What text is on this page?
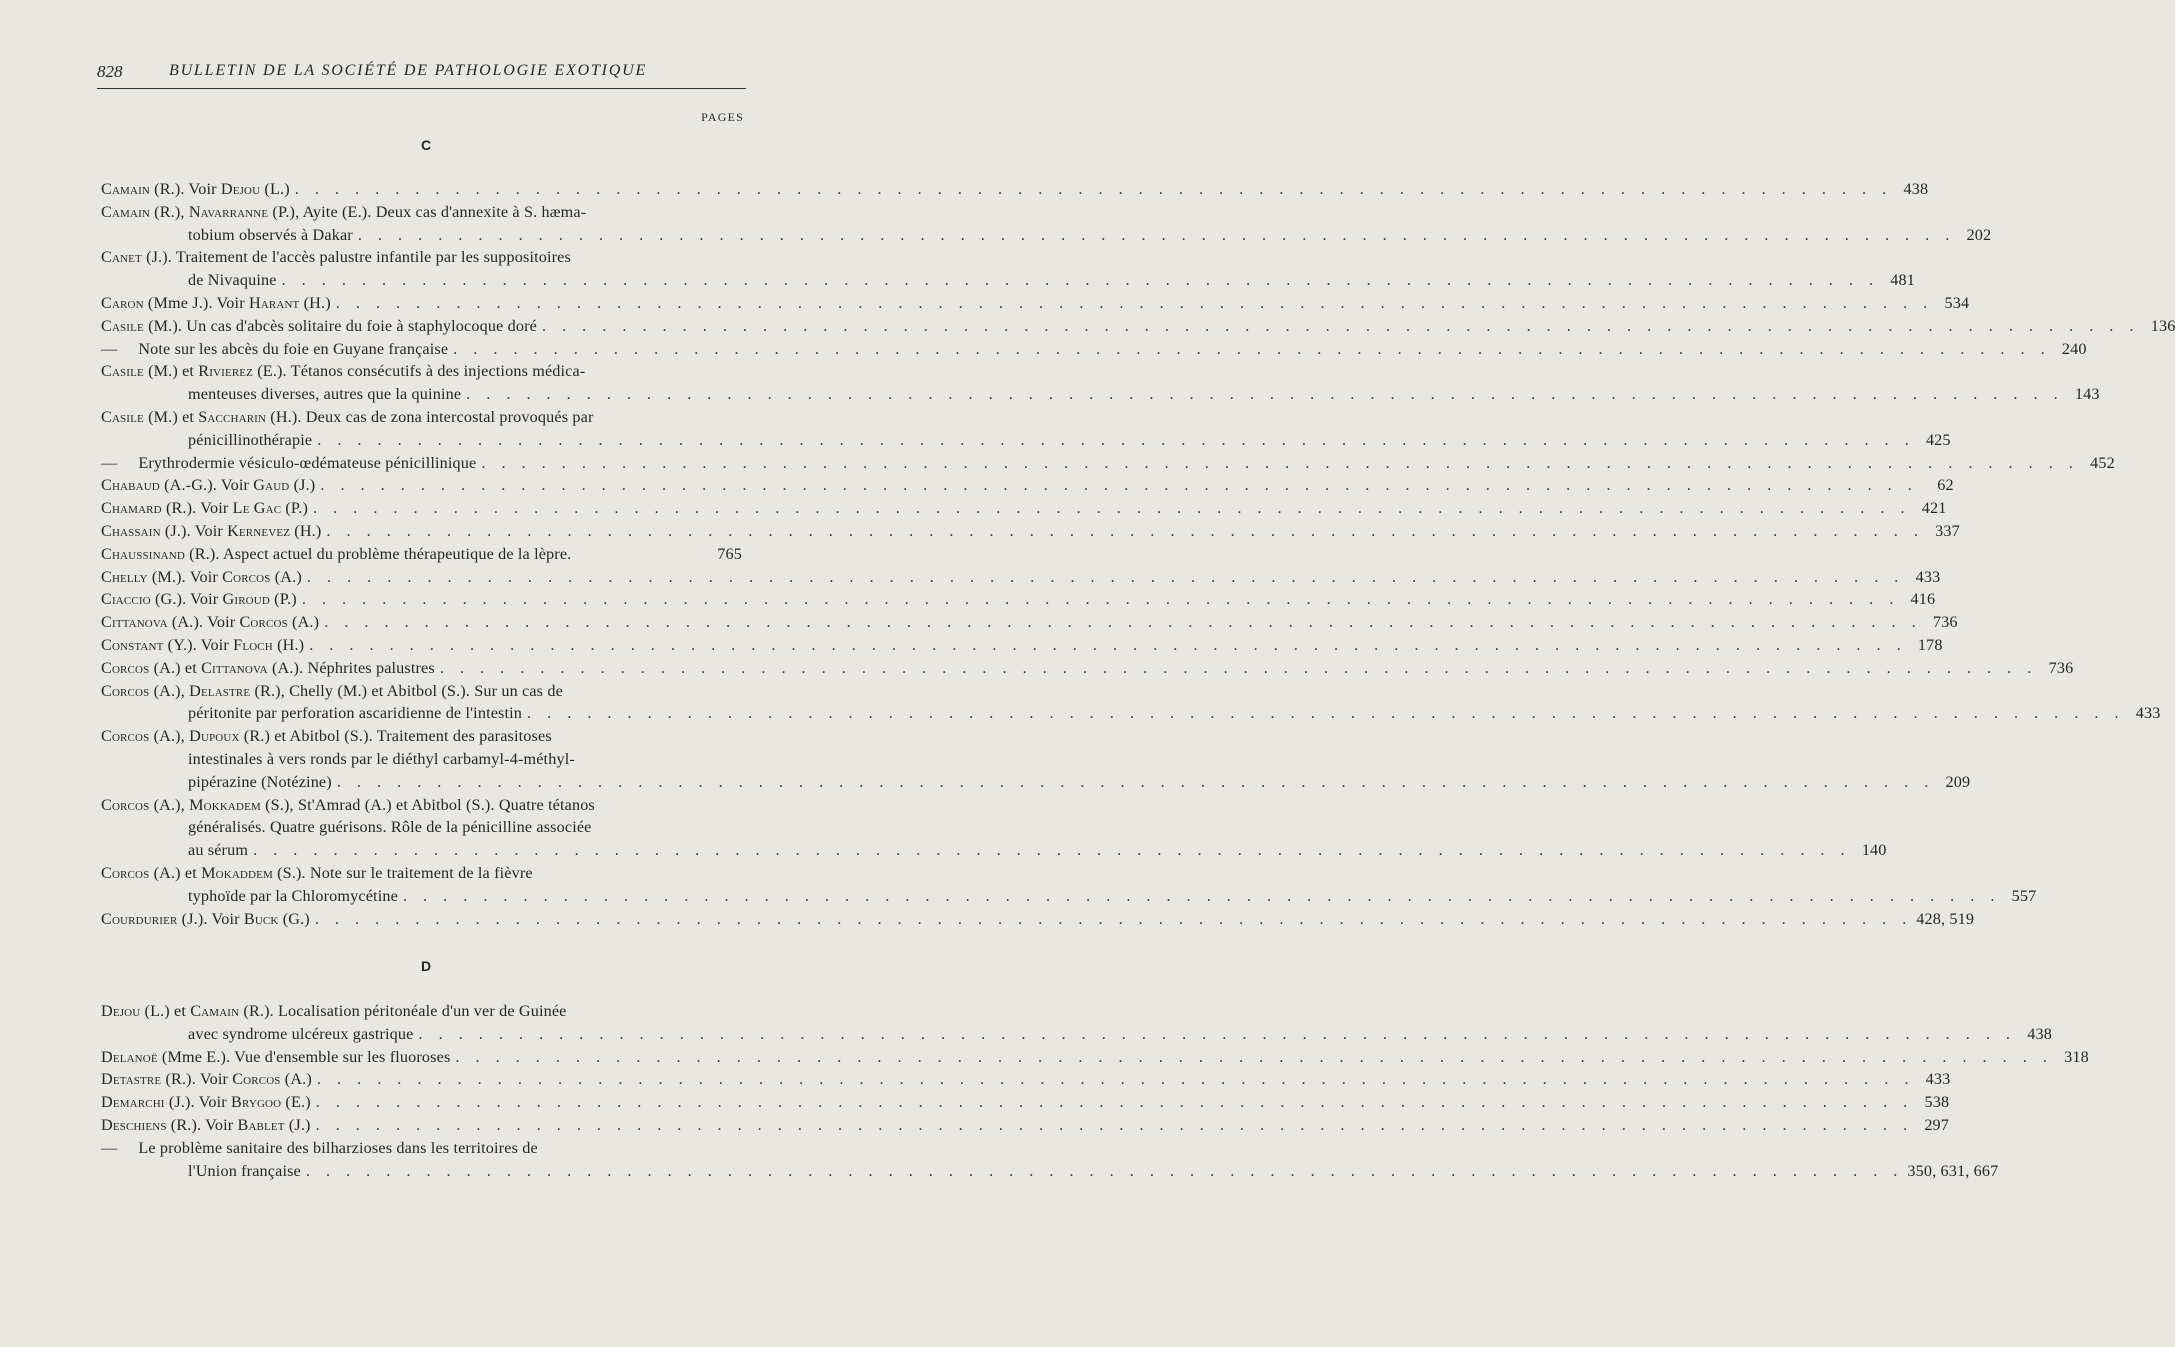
828	BULLETIN DE LA SOCIÉTÉ DE PATHOLOGIE EXOTIQUE
PAGES
C
Camain (R.). Voir Dejou (L.) . . . . . . . . . . . . . . . . . . . . . . . . . . . . . . . . . . . . . . . . . . . . . . . . . . . . . . . . . . . . . . . . . . . . . . . . . . . . . . . . 438
Camain (R.), Navarranne (P.), Ayite (E.). Deux cas d'annexite à S. hæma-
tobium observés à Dakar . . . . . . . . . . . . . . . . . . . . . . . . . . . . . . . . . . . . . . . . . . . . . . . . . . . . . . . . . . . . . . . . . . . . . . . . . . . . . . . . 202
Canet (J.). Traitement de l'accès palustre infantile par les suppositoires
de Nivaquine . . . . . . . . . . . . . . . . . . . . . . . . . . . . . . . . . . . . . . . . . . . . . . . . . . . . . . . . . . . . . . . . . . . . . . . . . . . . . . . . 481
Caron (Mme J.). Voir Harant (H.) . . . . . . . . . . . . . . . . . . . . . . . . . . . . . . . . . . . . . . . . . . . . . . . . . . . . . . . . . . . . . . . . . . . . . . . . . . . . . . . . 534
Casile (M.). Un cas d'abcès solitaire du foie à staphylocoque doré . . . . . . . . . . . . . . . . . . . . . . . . . . . . . . . . . . . . . . . . . . . . . . . . . . . . . . . . . . . . . . . . . . . . . . . . . . . . . . . . 136
—     Note sur les abcès du foie en Guyane française . . . . . . . . . . . . . . . . . . . . . . . . . . . . . . . . . . . . . . . . . . . . . . . . . . . . . . . . . . . . . . . . . . . . . . . . . . . . . . . . 240
Casile (M.) et Rivierez (E.). Tétanos consécutifs à des injections médica-
menteuses diverses, autres que la quinine . . . . . . . . . . . . . . . . . . . . . . . . . . . . . . . . . . . . . . . . . . . . . . . . . . . . . . . . . . . . . . . . . . . . . . . . . . . . . . . . 143
Casile (M.) et Saccharin (H.). Deux cas de zona intercostal provoqués par
pénicillinothérapie . . . . . . . . . . . . . . . . . . . . . . . . . . . . . . . . . . . . . . . . . . . . . . . . . . . . . . . . . . . . . . . . . . . . . . . . . . . . . . . . 425
—     Erythrodermie vésiculo-œdémateuse pénicillinique . . . . . . . . . . . . . . . . . . . . . . . . . . . . . . . . . . . . . . . . . . . . . . . . . . . . . . . . . . . . . . . . . . . . . . . . . . . . . . . . 452
Chabaud (A.-G.). Voir Gaud (J.) . . . . . . . . . . . . . . . . . . . . . . . . . . . . . . . . . . . . . . . . . . . . . . . . . . . . . . . . . . . . . . . . . . . . . . . . . . . . . . . .	62
Chamard (R.). Voir Le Gac (P.) . . . . . . . . . . . . . . . . . . . . . . . . . . . . . . . . . . . . . . . . . . . . . . . . . . . . . . . . . . . . . . . . . . . . . . . . . . . . . . . . 421
Chassain (J.). Voir Kernevez (H.) . . . . . . . . . . . . . . . . . . . . . . . . . . . . . . . . . . . . . . . . . . . . . . . . . . . . . . . . . . . . . . . . . . . . . . . . . . . . . . . . 337
Chaussinand (R.). Aspect actuel du problème thérapeutique de la lèpre.	765
Chelly (M.). Voir Corcos (A.) . . . . . . . . . . . . . . . . . . . . . . . . . . . . . . . . . . . . . . . . . . . . . . . . . . . . . . . . . . . . . . . . . . . . . . . . . . . . . . . . 433
Ciaccio (G.). Voir Giroud (P.) . . . . . . . . . . . . . . . . . . . . . . . . . . . . . . . . . . . . . . . . . . . . . . . . . . . . . . . . . . . . . . . . . . . . . . . . . . . . . . . . 416
Cittanova (A.). Voir Corcos (A.) . . . . . . . . . . . . . . . . . . . . . . . . . . . . . . . . . . . . . . . . . . . . . . . . . . . . . . . . . . . . . . . . . . . . . . . . . . . . . . . . 736
Constant (Y.). Voir Floch (H.) . . . . . . . . . . . . . . . . . . . . . . . . . . . . . . . . . . . . . . . . . . . . . . . . . . . . . . . . . . . . . . . . . . . . . . . . . . . . . . . . 178
Corcos (A.) et Cittanova (A.). Néphrites palustres . . . . . . . . . . . . . . . . . . . . . . . . . . . . . . . . . . . . . . . . . . . . . . . . . . . . . . . . . . . . . . . . . . . . . . . . . . . . . . . . 736
Corcos (A.), Delastre (R.), Chelly (M.) et Abitbol (S.). Sur un cas de
péritonite par perforation ascaridienne de l'intestin . . . . . . . . . . . . . . . . . . . . . . . . . . . . . . . . . . . . . . . . . . . . . . . . . . . . . . . . . . . . . . . . . . . . . . . . . . . . . . . . 433
Corcos (A.), Dupoux (R.) et Abitbol (S.). Traitement des parasitoses
intestinales à vers ronds par le diéthyl carbamyl-4-méthyl-
pipérazine (Notézine) . . . . . . . . . . . . . . . . . . . . . . . . . . . . . . . . . . . . . . . . . . . . . . . . . . . . . . . . . . . . . . . . . . . . . . . . . . . . . . . . 209
Corcos (A.), Mokkadem (S.), St'Amrad (A.) et Abitbol (S.). Quatre tétanos
généralisés. Quatre guérisons. Rôle de la pénicilline associée
au sérum . . . . . . . . . . . . . . . . . . . . . . . . . . . . . . . . . . . . . . . . . . . . . . . . . . . . . . . . . . . . . . . . . . . . . . . . . . . . . . . . 140
Corcos (A.) et Mokaddem (S.). Note sur le traitement de la fièvre
typhoïde par la Chloromycétine . . . . . . . . . . . . . . . . . . . . . . . . . . . . . . . . . . . . . . . . . . . . . . . . . . . . . . . . . . . . . . . . . . . . . . . . . . . . . . . . 557
Courdurier (J.). Voir Buck (G.) . . . . . . . . . . . . . . . . . . . . . . . . . . . . . . . . . . . . . . . . . . . . . . . . . . . . . . . . . . . . . . . . . . . . . . . . . . . . . . . . 428, 519
D
Dejou (L.) et Camain (R.). Localisation péritonéale d'un ver de Guinée
avec syndrome ulcéreux gastrique . . . . . . . . . . . . . . . . . . . . . . . . . . . . . . . . . . . . . . . . . . . . . . . . . . . . . . . . . . . . . . . . . . . . . . . . . . . . . . . . 438
Delanoë (Mme E.). Vue d'ensemble sur les fluoroses . . . . . . . . . . . . . . . . . . . . . . . . . . . . . . . . . . . . . . . . . . . . . . . . . . . . . . . . . . . . . . . . . . . . . . . . . . . . . . . . 318
Detastre (R.). Voir Corcos (A.) . . . . . . . . . . . . . . . . . . . . . . . . . . . . . . . . . . . . . . . . . . . . . . . . . . . . . . . . . . . . . . . . . . . . . . . . . . . . . . . . 433
Demarchi (J.). Voir Brygoo (E.) . . . . . . . . . . . . . . . . . . . . . . . . . . . . . . . . . . . . . . . . . . . . . . . . . . . . . . . . . . . . . . . . . . . . . . . . . . . . . . . . 538
Deschiens (R.). Voir Bablet (J.) . . . . . . . . . . . . . . . . . . . . . . . . . . . . . . . . . . . . . . . . . . . . . . . . . . . . . . . . . . . . . . . . . . . . . . . . . . . . . . . . 297
—     Le problème sanitaire des bilharzioses dans les territoires de
l'Union française . . . . . . . . . . . . . . . . . . . . . . . . . . . . . . . . . . . . . . . . . . . . . . . . . . . . . . . . . . . . . . . . . . . . . . . . . . . . . . . . 350, 631, 667
